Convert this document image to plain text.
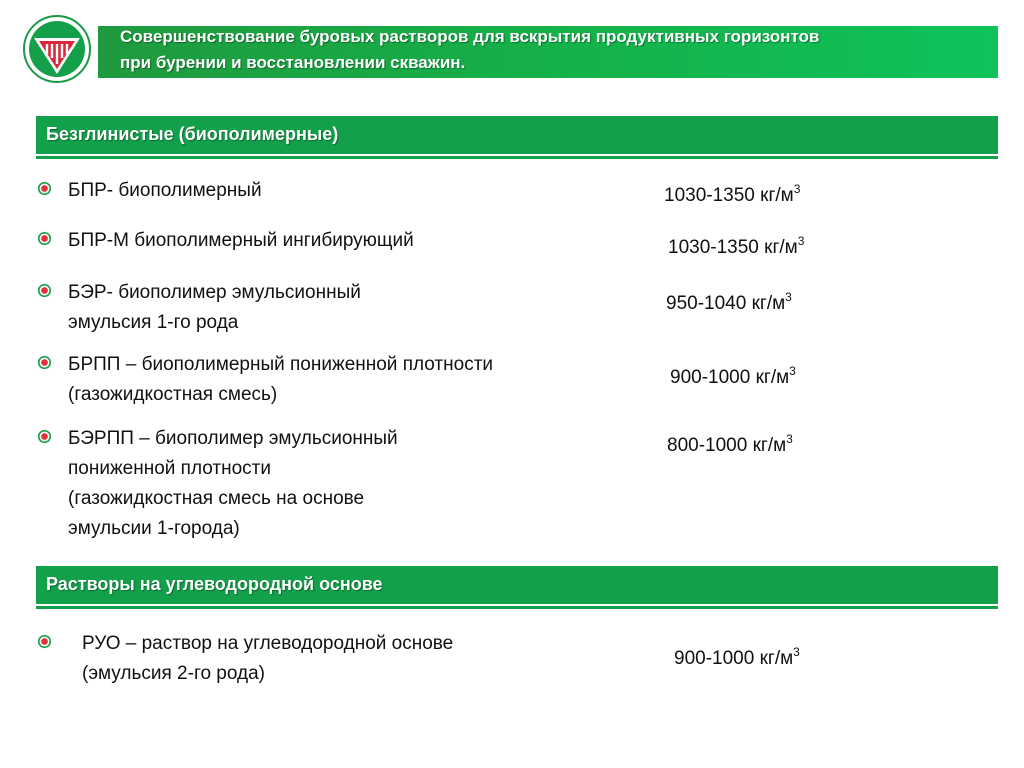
Совершенствование буровых растворов для вскрытия продуктивных горизонтов
при бурении и восстановлении скважин.
Безглинистые (биополимерные)
БПР- биополимерный	1030-1350 $кг/м^3$
БПР-М биополимерный ингибирующий	1030-1350 $кг/м^3$
БЭР- биополимер эмульсионный
эмульсия 1-го рода
950-1040 $кг/м^3$
БРПП – биополимерный пониженной плотности
(газожидкостная смесь)
900-1000 $кг/м^3$
БЭРПП – биополимер эмульсионный
пониженной плотности
(газожидкостная смесь на основе
эмульсии 1-города)
800-1000 $кг/м^3$
Растворы на углеводородной основе
РУО – раствор на углеводородной основе
(эмульсия 2-го рода)
900-1000 $кг/м^3$
